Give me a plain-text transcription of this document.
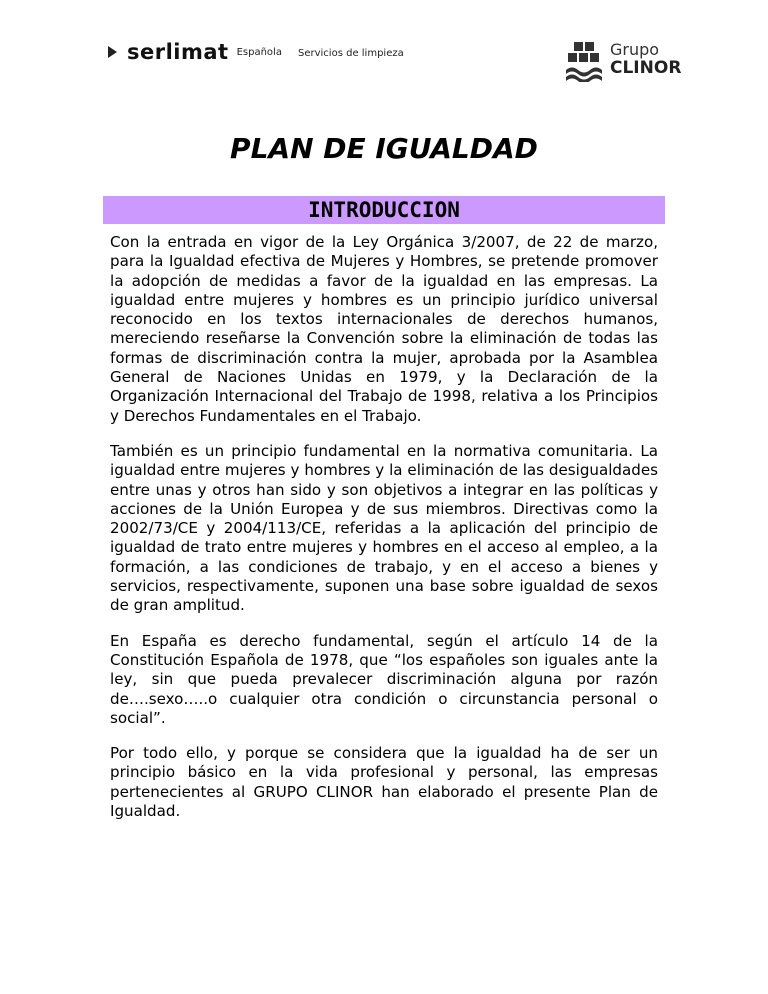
serlimat Española Servicios de limpieza	Grupo
CLINOR
PLAN DE IGUALDAD
INTRODUCCION

Con la entrada en vigor de la Ley Orgánica 3/2007, de 22 de marzo, para la Igualdad efectiva de Mujeres y Hombres, se pretende promover la adopción de medidas a favor de la igualdad en las empresas. La igualdad entre mujeres y hombres es un principio jurídico universal reconocido en los textos internacionales de derechos humanos, mereciendo reseñarse la Convención sobre la eliminación de todas las formas de discriminación contra la mujer, aprobada por la Asamblea General de Naciones Unidas en 1979, y la Declaración de la Organización Internacional del Trabajo de 1998, relativa a los Principios y Derechos Fundamentales en el Trabajo.

También es un principio fundamental en la normativa comunitaria. La igualdad entre mujeres y hombres y la eliminación de las desigualdades entre unas y otros han sido y son objetivos a integrar en las políticas y acciones de la Unión Europea y de sus miembros. Directivas como la 2002/73/CE y 2004/113/CE, referidas a la aplicación del principio de igualdad de trato entre mujeres y hombres en el acceso al empleo, a la formación, a las condiciones de trabajo, y en el acceso a bienes y servicios, respectivamente, suponen una base sobre igualdad de sexos de gran amplitud.

En España es derecho fundamental, según el artículo 14 de la Constitución Española de 1978, que “los españoles son iguales ante la ley, sin que pueda prevalecer discriminación alguna por razón de….sexo…..o cualquier otra condición o circunstancia personal o social”.

Por todo ello, y porque se considera que la igualdad ha de ser un principio básico en la vida profesional y personal, las empresas pertenecientes al GRUPO CLINOR han elaborado el presente Plan de Igualdad.
